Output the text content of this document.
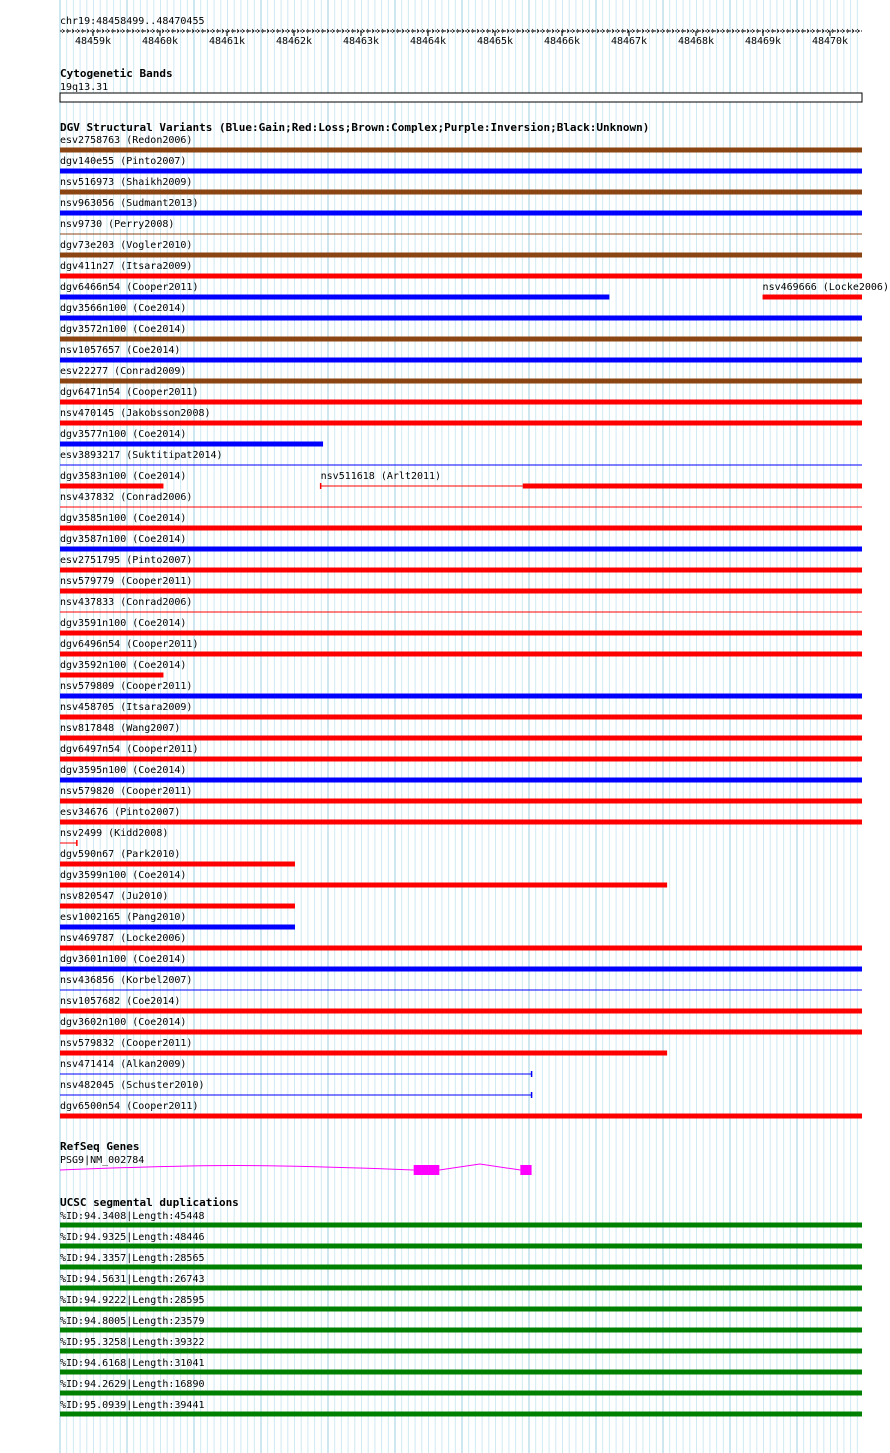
chr19:48458499..48470455
48459k	48460k	48461k	48462k	48463k	48464k	48465k	48466k	48467k	48468k	48469k	48470k
Cytogenetic Bands
19q13.31
DGV Structural Variants (Blue:Gain;Red:Loss;Brown:Complex;Purple:Inversion;Black:Unknown)
esv2758763 (Redon2006)
dgv140e55 (Pinto2007)
nsv516973 (Shaikh2009)
nsv963056 (Sudmant2013)
nsv9730 (Perry2008)
dgv73e203 (Vogler2010)
dgv411n27 (Itsara2009)
dgv6466n54 (Cooper2011)	nsv469666 (Locke2006)
dgv3566n100 (Coe2014)
dgv3572n100 (Coe2014)
nsv1057657 (Coe2014)
esv22277 (Conrad2009)
dgv6471n54 (Cooper2011)
nsv470145 (Jakobsson2008)
dgv3577n100 (Coe2014)
esv3893217 (Suktitipat2014)
dgv3583n100 (Coe2014)	nsv511618 (Arlt2011)
nsv437832 (Conrad2006)
dgv3585n100 (Coe2014)
dgv3587n100 (Coe2014)
esv2751795 (Pinto2007)
nsv579779 (Cooper2011)
nsv437833 (Conrad2006)
dgv3591n100 (Coe2014)
dgv6496n54 (Cooper2011)
dgv3592n100 (Coe2014)
nsv579809 (Cooper2011)
nsv458705 (Itsara2009)
nsv817848 (Wang2007)
dgv6497n54 (Cooper2011)
dgv3595n100 (Coe2014)
nsv579820 (Cooper2011)
esv34676 (Pinto2007)
nsv2499 (Kidd2008)
dgv590n67 (Park2010)
dgv3599n100 (Coe2014)
nsv820547 (Ju2010)
esv1002165 (Pang2010)
nsv469787 (Locke2006)
dgv3601n100 (Coe2014)
nsv436856 (Korbel2007)
nsv1057682 (Coe2014)
dgv3602n100 (Coe2014)
nsv579832 (Cooper2011)
nsv471414 (Alkan2009)
nsv482045 (Schuster2010)
dgv6500n54 (Cooper2011)
RefSeq Genes
PSG9|NM_002784
UCSC segmental duplications
%ID:94.3408|Length:45448
%ID:94.9325|Length:48446
%ID:94.3357|Length:28565
%ID:94.5631|Length:26743
%ID:94.9222|Length:28595
%ID:94.8005|Length:23579
%ID:95.3258|Length:39322
%ID:94.6168|Length:31041
%ID:94.2629|Length:16890
%ID:95.0939|Length:39441
